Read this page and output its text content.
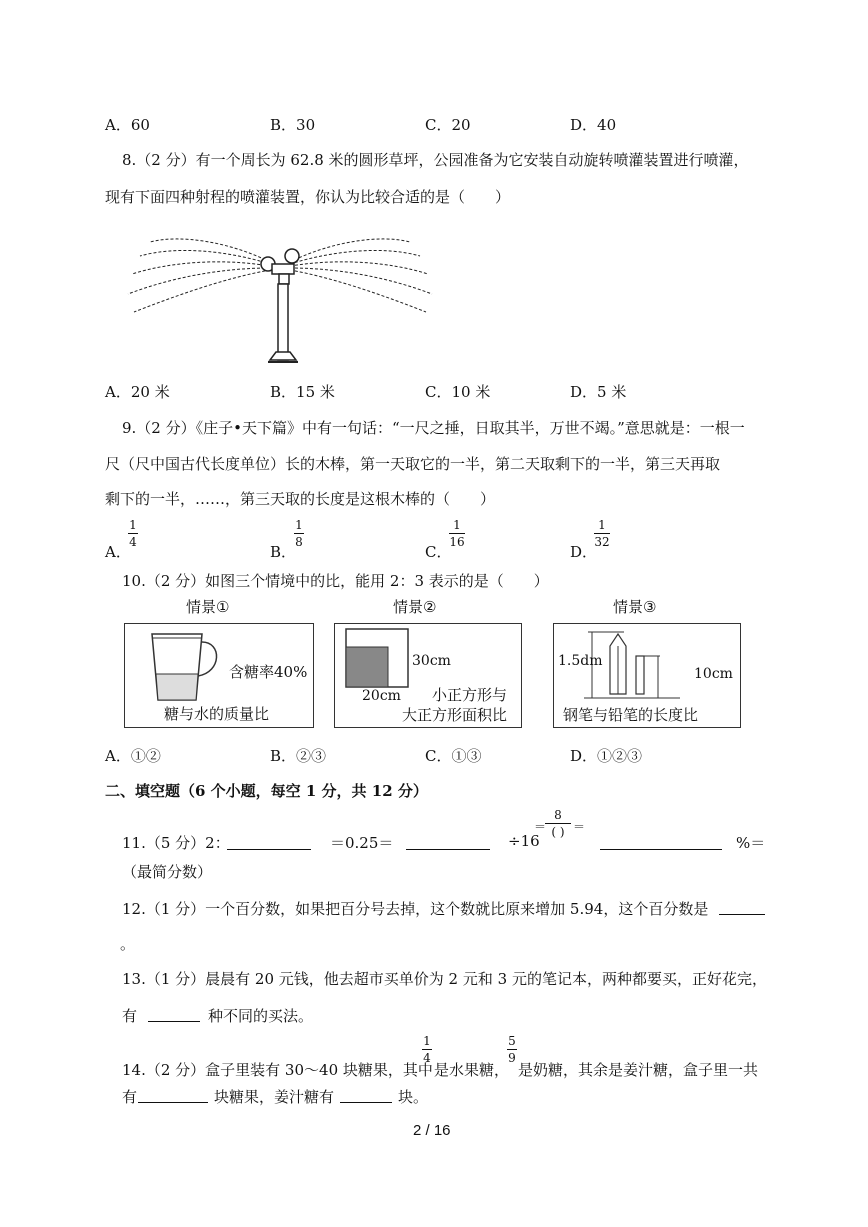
A．60	B．30	C．20	D．40
8.（2 分）有一个周长为 62.8 米的圆形草坪，公园准备为它安装自动旋转喷灌装置进行喷灌，
现有下面四种射程的喷灌装置，你认为比较合适的是（　　）
A．20 米	B．15 米	C．10 米	D．5 米
9.（2 分）《庄子•天下篇》中有一句话：“一尺之捶，日取其半，万世不竭。”意思就是：一根一
尺（尺中国古代长度单位）长的木棒，第一天取它的一半，第二天取剩下的一半，第三天再取
剩下的一半，……，第三天取的长度是这根木棒的（　　）
A．
1
4
B．
1
8
C．
1
16
D．
1
32
10.（2 分）如图三个情境中的比，能用 2：3 表示的是（　　）
情景①
含糖率40%
糖与水的质量比
情景②
30cm
20cm 小正方形与
大正方形面积比
情景③
1.5dm
10cm
钢笔与铅笔的长度比
A．①②	B．②③	C．①③	D．①②③
二、填空题（6 个小题，每空 1 分，共 12 分）
11.（5 分）2：	＝0.25＝	÷16
＝
8
( ) ＝
%＝
（最简分数）
12.（1 分）一个百分数，如果把百分号去掉，这个数就比原来增加 5.94，这个百分数是
。
13.（1 分）晨晨有 20 元钱，他去超市买单价为 2 元和 3 元的笔记本，两种都要买，正好花完，
有	种不同的买法。
14.（2 分）盒子里装有 30～40 块糖果，其中
1
4
是水果糖，
5
9
是奶糖，其余是姜汁糖，盒子里一共
有	块糖果，姜汁糖有	块。
2 / 16
